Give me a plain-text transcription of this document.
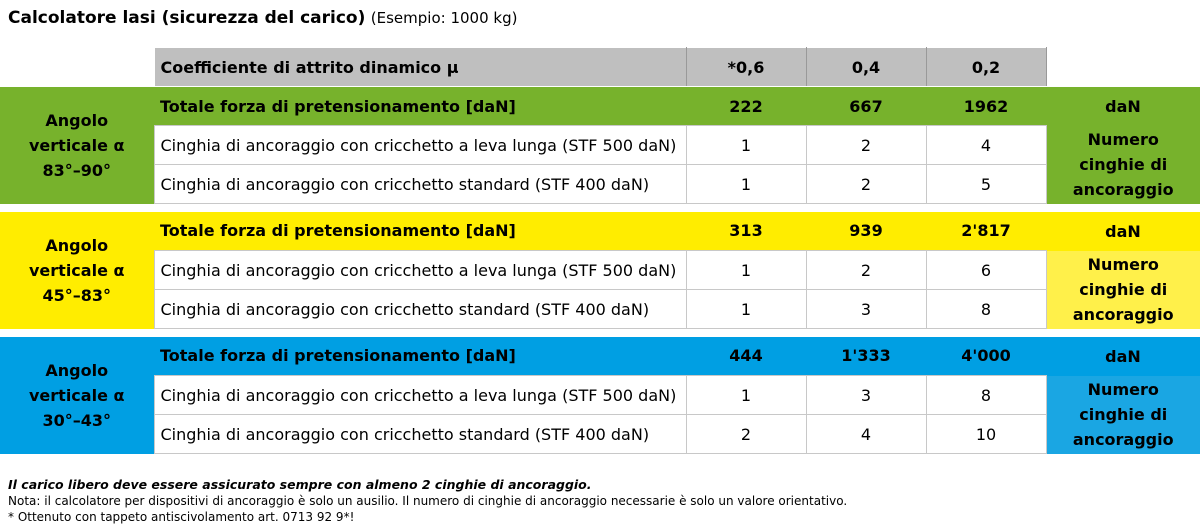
Calcolatore lasi (sicurezza del carico) (Esempio: 1000 kg)
	Coefficiente di attrito dinamico μ	*0,6	0,4	0,2	

Angolo
verticale α
83°–90°	Totale forza di pretensionamento [daN]	222	667	1962	daN
	Cinghia di ancoraggio con cricchetto a leva lunga (STF 500 daN)	1	2	4	Numero cinghie di ancoraggio
	Cinghia di ancoraggio con cricchetto standard (STF 400 daN)	1	2	5	

Angolo
verticale α
45°–83°	Totale forza di pretensionamento [daN]	313	939	2'817	daN
	Cinghia di ancoraggio con cricchetto a leva lunga (STF 500 daN)	1	2	6	Numero cinghie di ancoraggio
	Cinghia di ancoraggio con cricchetto standard (STF 400 daN)	1	3	8	

Angolo
verticale α
30°–43°	Totale forza di pretensionamento [daN]	444	1'333	4'000	daN
	Cinghia di ancoraggio con cricchetto a leva lunga (STF 500 daN)	1	3	8	Numero cinghie di ancoraggio
	Cinghia di ancoraggio con cricchetto standard (STF 400 daN)	2	4	10	
Il carico libero deve essere assicurato sempre con almeno 2 cinghie di ancoraggio.
Nota: il calcolatore per dispositivi di ancoraggio è solo un ausilio. Il numero di cinghie di ancoraggio necessarie è solo un valore orientativo.
* Ottenuto con tappeto antiscivolamento art. 0713 92 9*!
